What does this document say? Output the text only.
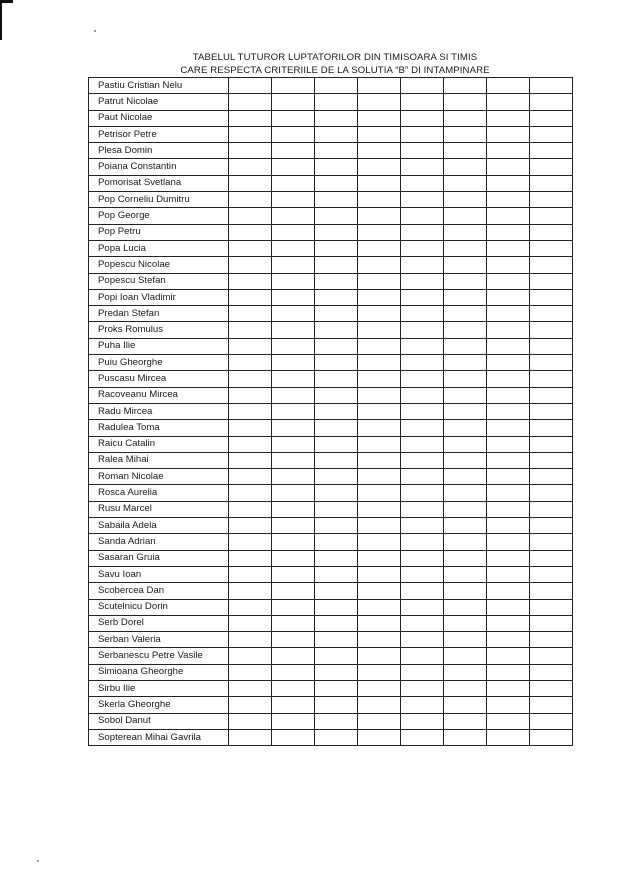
TABELUL TUTUROR LUPTATORILOR DIN TIMISOARA SI TIMIS
CARE RESPECTA CRITERIILE DE LA SOLUTIA “B” DI INTAMPINARE
Pastiu Cristian Nelu								
Patrut Nicolae								
Paut Nicolae								
Petrisor Petre								
Plesa Domin								
Poiana Constantin								
Pomorisat Svetlana								
Pop Corneliu Dumitru								
Pop George								
Pop Petru								
Popa Lucia								
Popescu Nicolae								
Popescu Stefan								
Popi Ioan Vladimir								
Predan Stefan								
Proks Romulus								
Puha Ilie								
Puiu Gheorghe								
Puscasu Mircea								
Racoveanu Mircea								
Radu Mircea								
Radulea Toma								
Raicu Catalin								
Ralea Mihai								
Roman Nicolae								
Rosca Aurelia								
Rusu Marcel								
Sabaila Adela								
Sanda Adrian								
Sasaran Gruia								
Savu Ioan								
Scobercea Dan								
Scutelnicu Dorin								
Serb Dorel								
Serban Valeria								
Serbanescu Petre Vasile								
Simioana Gheorghe								
Sirbu Ilie								
Skerla Gheorghe								
Sobol Danut								
Sopterean Mihai Gavrila								
